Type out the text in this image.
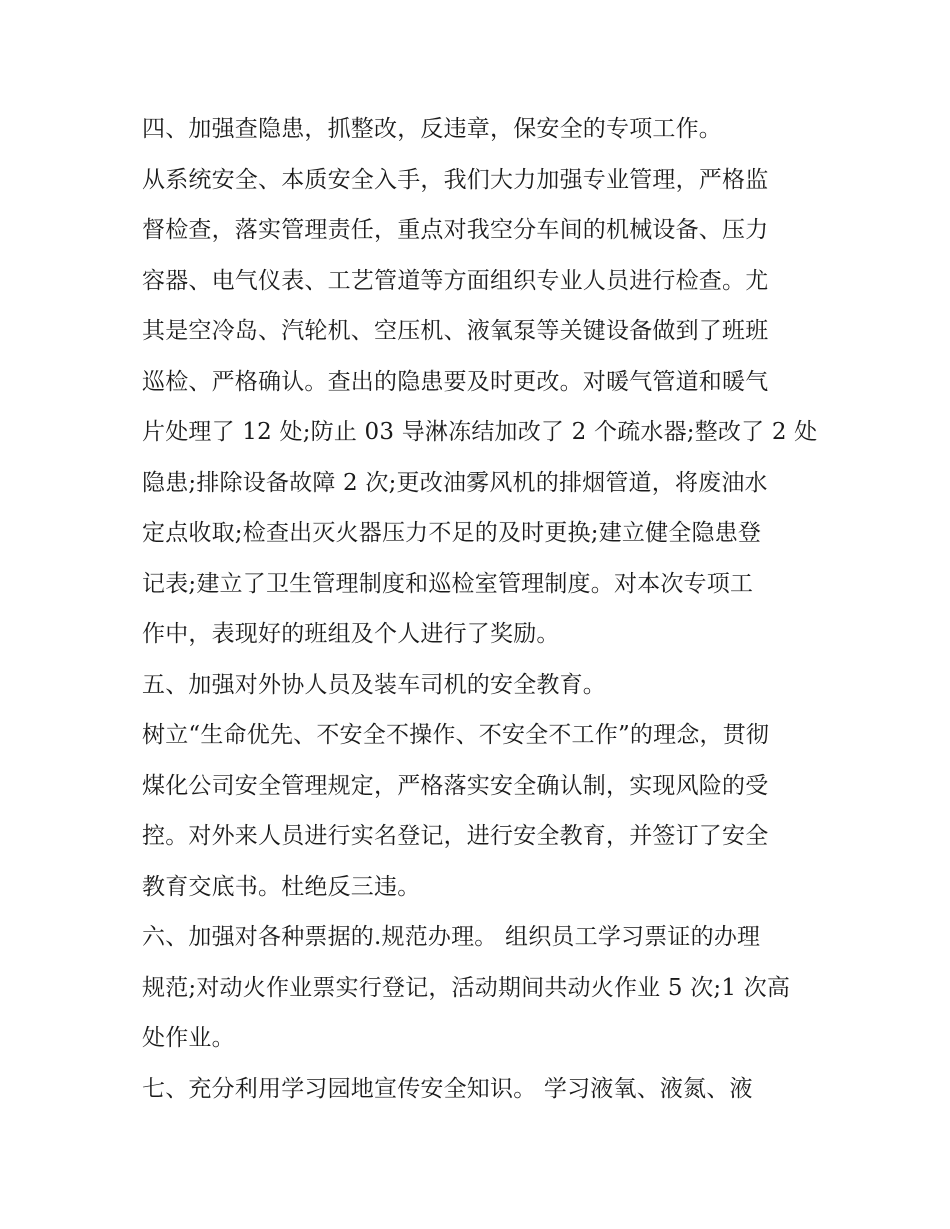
四、加强查隐患，抓整改，反违章，保安全的专项工作。
从系统安全、本质安全入手，我们大力加强专业管理，严格监
督检查，落实管理责任，重点对我空分车间的机械设备、压力
容器、电气仪表、工艺管道等方面组织专业人员进行检查。尤
其是空冷岛、汽轮机、空压机、液氧泵等关键设备做到了班班
巡检、严格确认。查出的隐患要及时更改。对暖气管道和暖气
片处理了 12 处;防止 03 导淋冻结加改了 2 个疏水器;整改了 2 处
隐患;排除设备故障 2 次;更改油雾风机的排烟管道，将废油水
定点收取;检查出灭火器压力不足的及时更换;建立健全隐患登
记表;建立了卫生管理制度和巡检室管理制度。对本次专项工
作中，表现好的班组及个人进行了奖励。
五、加强对外协人员及装车司机的安全教育。
树立“生命优先、不安全不操作、不安全不工作”的理念，贯彻
煤化公司安全管理规定，严格落实安全确认制，实现风险的受
控。对外来人员进行实名登记，进行安全教育，并签订了安全
教育交底书。杜绝反三违。
六、加强对各种票据的.规范办理。 组织员工学习票证的办理
规范;对动火作业票实行登记，活动期间共动火作业 5 次;1 次高
处作业。
七、充分利用学习园地宣传安全知识。 学习液氧、液氮、液
